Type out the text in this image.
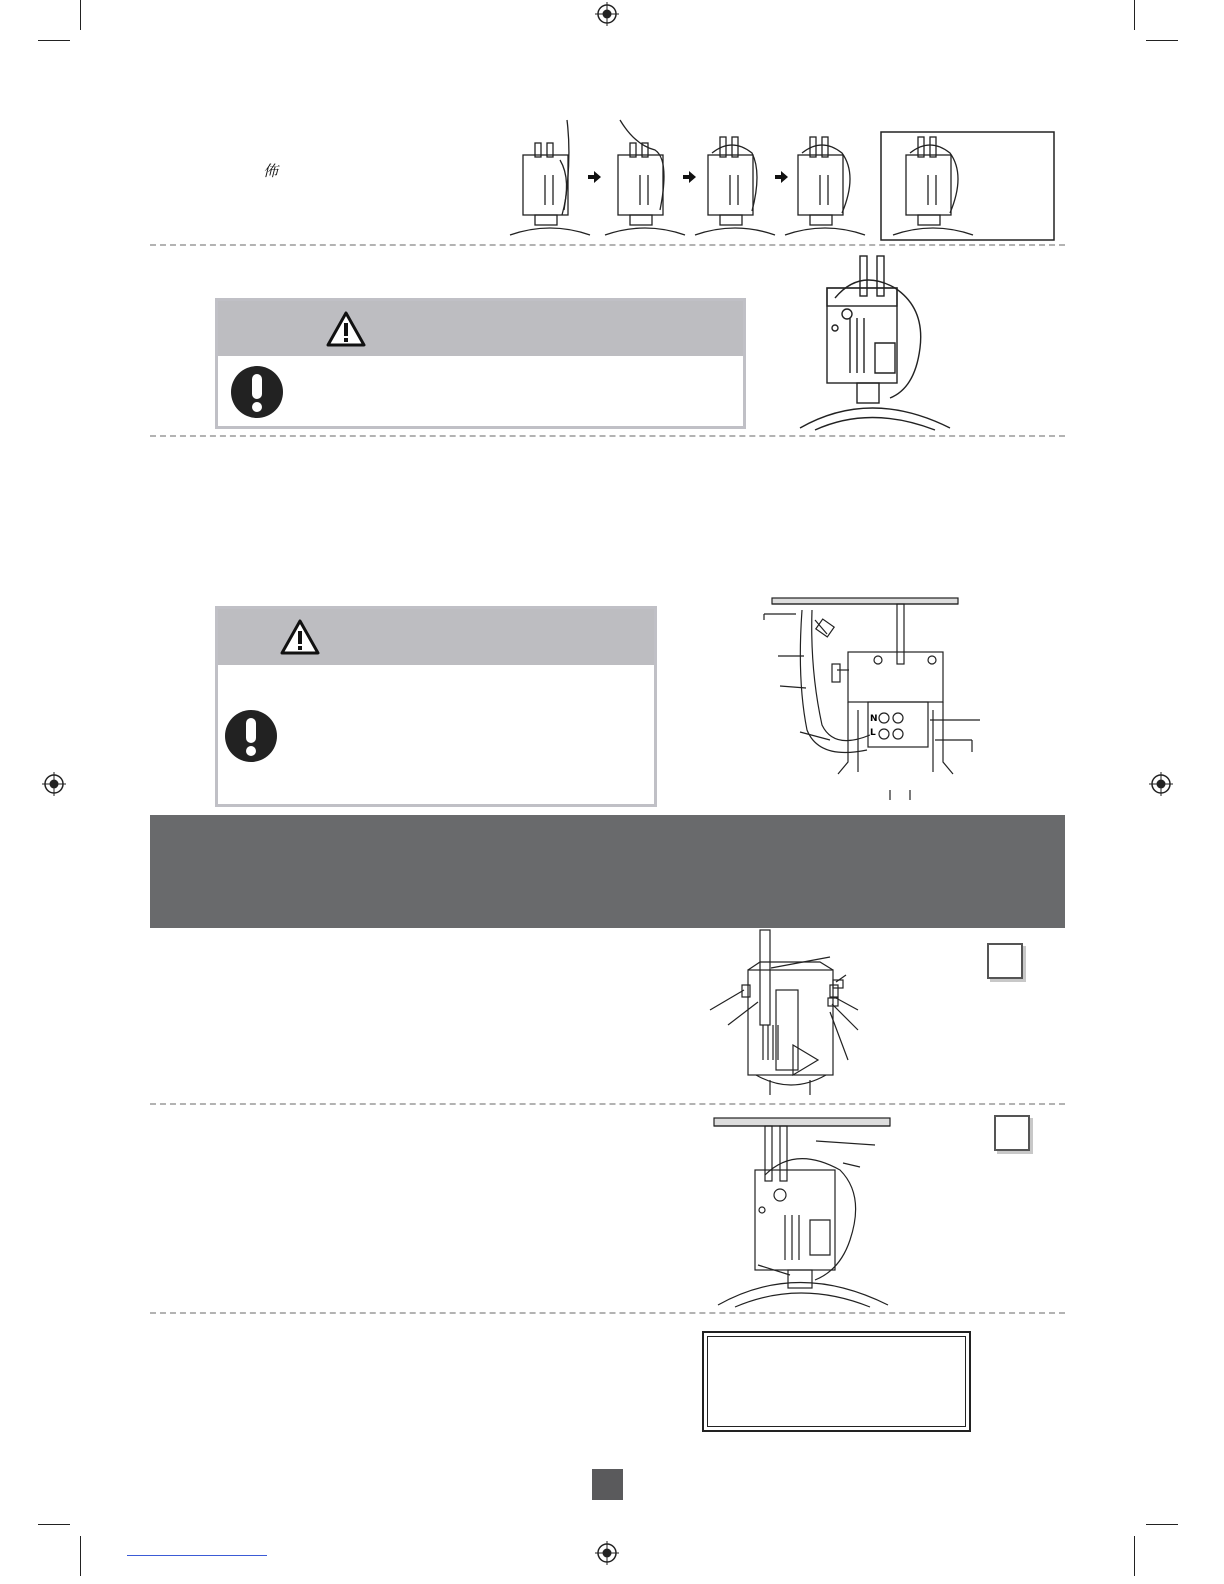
佈
N
L
